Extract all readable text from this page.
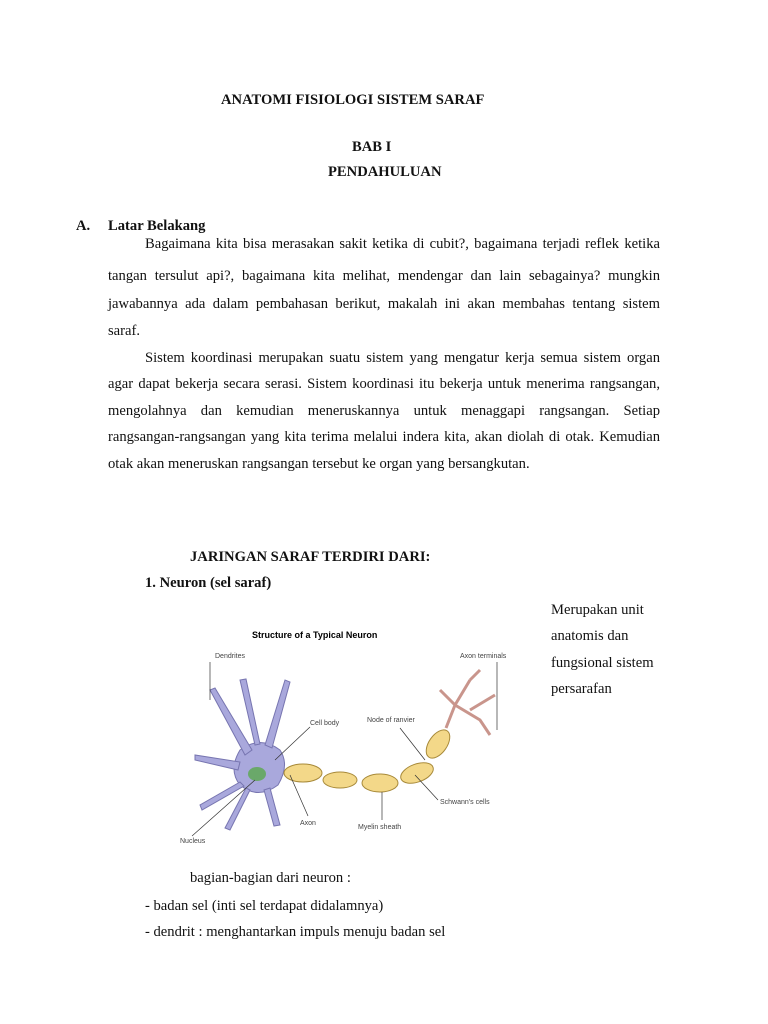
ANATOMI FISIOLOGI SISTEM SARAF
BAB I
PENDAHULUAN
A. Latar Belakang
Bagaimana kita bisa merasakan sakit ketika di cubit?, bagaimana terjadi reflek ketika
tangan tersulut api?, bagaimana kita melihat, mendengar dan lain sebagainya? mungkin
jawabannya ada dalam pembahasan berikut, makalah ini akan membahas tentang sistem
saraf.
Sistem koordinasi merupakan suatu sistem yang mengatur kerja semua sistem organ
agar dapat bekerja secara serasi. Sistem koordinasi itu bekerja untuk menerima rangsangan,
mengolahnya dan kemudian meneruskannya untuk menaggapi rangsangan. Setiap
rangsangan-rangsangan yang kita terima melalui indera kita, akan diolah di otak. Kemudian
otak akan meneruskan rangsangan tersebut ke organ yang bersangkutan.
JARINGAN SARAF TERDIRI DARI:
1. Neuron (sel saraf)
Merupakan unit
anatomis dan
fungsional sistem
persarafan
Structure of a Typical Neuron
Dendrites	Axon terminals
Cell body	Node of ranvier
Schwann's cells
Myelin sheath
Axon
Nucleus
bagian-bagian dari neuron :
- badan sel (inti sel terdapat didalamnya)
- dendrit : menghantarkan impuls menuju badan sel
